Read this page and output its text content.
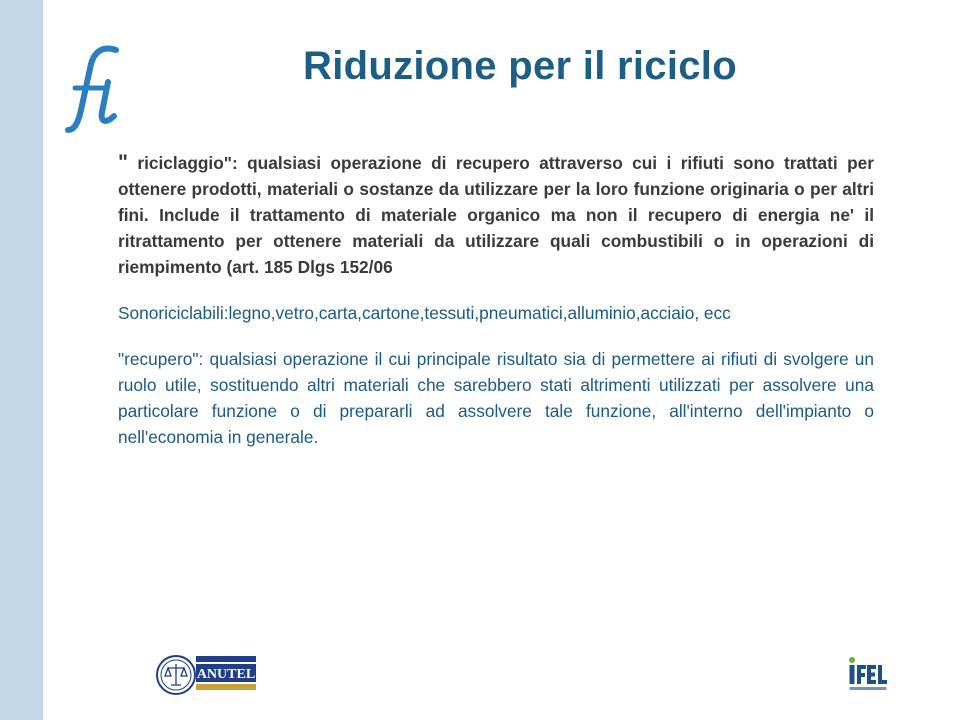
Riduzione per il riciclo

" riciclaggio": qualsiasi operazione di recupero attraverso cui i rifiuti sono trattati per ottenere prodotti, materiali o sostanze da utilizzare per la loro funzione originaria o per altri fini. Include il trattamento di materiale organico ma non il recupero di energia ne' il ritrattamento per ottenere materiali da utilizzare quali combustibili o in operazioni di riempimento (art. 185 Dlgs 152/06

Sonoriciclabili:legno,vetro,carta,cartone,tessuti,pneumatici,alluminio,acciaio, ecc

"recupero": qualsiasi operazione il cui principale risultato sia di permettere ai rifiuti di svolgere un ruolo utile, sostituendo altri materiali che sarebbero stati altrimenti utilizzati per assolvere una particolare funzione o di prepararli ad assolvere tale funzione, all'interno dell'impianto o nell'economia in generale.

ANUTEL
